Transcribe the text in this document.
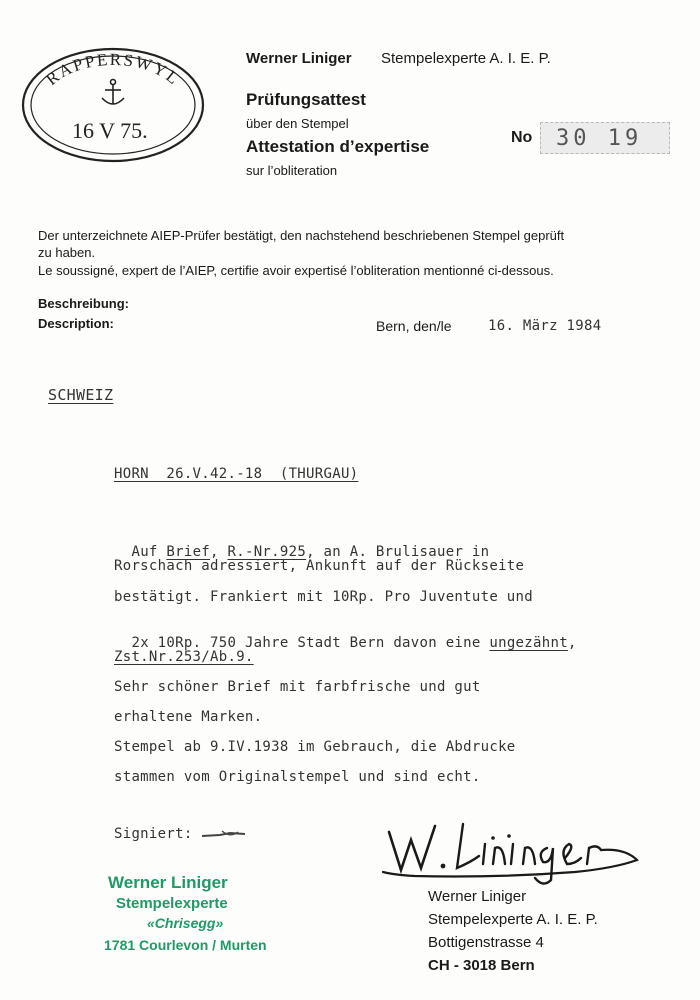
RAPPERSWYL
16 V 75.
Werner Liniger Stempelexperte A. I. E. P.
Prüfungsattest
über den Stempel
Attestation d’expertise
sur l’obliteration
No 30 19
Der unterzeichnete AIEP-Prüfer bestätigt, den nachstehend beschriebenen Stempel geprüft
zu haben.
Le soussigné, expert de l’AIEP, certifie avoir expertisé l’obliteration mentionné ci-dessous.
Beschreibung:
Description:	Bern, den/le	16. März 1984
SCHWEIZ
HORN  26.V.42.-18  (THURGAU)

Auf Brief, R.-Nr.925, an A. Brulisauer in

Rorschach adressiert, Ankunft auf der Rückseite
bestätigt. Frankiert mit 10Rp. Pro Juventute und

2x 10Rp. 750 Jahre Stadt Bern davon eine ungezähnt,

Zst.Nr.253/Ab.9.
Sehr schöner Brief mit farbfrische und gut
erhaltene Marken.
Stempel ab 9.IV.1938 im Gebrauch, die Abdrucke
stammen vom Originalstempel und sind echt.
Signiert:
Werner Liniger
Stempelexperte
«Chrisegg»
1781 Courlevon / Murten
Werner Liniger
Stempelexperte A. I. E. P.
Bottigenstrasse 4
CH - 3018 Bern
